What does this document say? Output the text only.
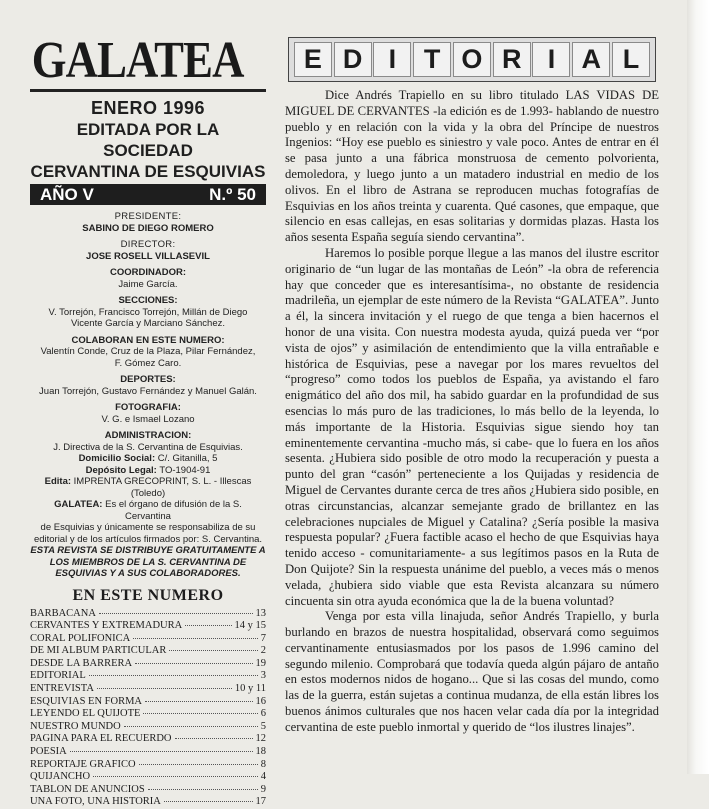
GALATEA
ENERO 1996
EDITADA POR LA SOCIEDAD
CERVANTINA DE ESQUIVIAS
AÑO V	N.º 50
PRESIDENTE:
SABINO DE DIEGO ROMERO
DIRECTOR:
JOSE ROSELL VILLASEVIL
COORDINADOR:
Jaime García.
SECCIONES:
V. Torrejón, Francisco Torrejón, Millán de Diego
Vicente García y Marciano Sánchez.
COLABORAN EN ESTE NUMERO:
Valentín Conde, Cruz de la Plaza, Pilar Fernández,
F. Gómez Caro.
DEPORTES:
Juan Torrejón, Gustavo Fernández y Manuel Galán.
FOTOGRAFIA:
V. G. e Ismael Lozano
ADMINISTRACION:
J. Directiva de la S. Cervantina de Esquivias.
Domicilio Social: C/. Gitanilla, 5
Depósito Legal: TO-1904-91
Edita: IMPRENTA GRECOPRINT, S. L. - Illescas (Toledo)
GALATEA: Es el órgano de difusión de la S. Cervantina
de Esquivias y únicamente se responsabiliza de su
editorial y de los artículos firmados por: S. Cervantina.
ESTA REVISTA SE DISTRIBUYE GRATUITAMENTE A
LOS MIEMBROS DE LA S. CERVANTINA DE
ESQUIVIAS Y A SUS COLABORADORES.
EN ESTE NUMERO
BARBACANA	13
CERVANTES Y EXTREMADURA	14 y 15
CORAL POLIFONICA	7
DE MI ALBUM PARTICULAR	2
DESDE LA BARRERA	19
EDITORIAL	3
ENTREVISTA	10 y 11
ESQUIVIAS EN FORMA	16
LEYENDO EL QUIJOTE	6
NUESTRO MUNDO	5
PAGINA PARA EL RECUERDO	12
POESIA	18
REPORTAJE GRAFICO	8
QUIJANCHO	4
TABLON DE ANUNCIOS	9
UNA FOTO, UNA HISTORIA	17
E D I	T O R I A L

Dice Andrés Trapiello en su libro titulado LAS VIDAS DE MIGUEL DE CERVANTES -la edición es de 1.993- hablando de nuestro pueblo y en relación con la vida y la obra del Príncipe de nuestros Ingenios: “Hoy ese pueblo es siniestro y vale poco. Antes de entrar en él se pasa junto a una fábrica monstruosa de cemento polvorienta, demoledora, y luego junto a un matadero industrial en medio de los olivos. En el libro de Astrana se reproducen muchas fotografías de Esquivias en los años treinta y cuarenta. Qué casones, que empaque, que silencio en esas callejas, en esas solitarias y dormidas plazas. Hasta los años sesenta España seguía siendo cervantina”.

Haremos lo posible porque llegue a las manos del ilustre escritor originario de “un lugar de las montañas de León” -la obra de referencia hay que conceder que es interesantísima-, no obstante de residencia madrileña, un ejemplar de este número de la Revista “GALATEA”. Junto a él, la sincera invitación y el ruego de que tenga a bien hacernos el honor de una visita. Con nuestra modesta ayuda, quizá pueda ver “por vista de ojos” y asimilación de entendimiento que la villa entrañable e histórica de Esquivias, pese a navegar por los mares revueltos del “progreso” como todos los pueblos de España, ya avistando el faro enigmático del año dos mil, ha sabido guardar en la profundidad de sus esencias lo más puro de las tradiciones, lo más bello de la leyenda, lo más importante de la Historia. Esquivias sigue siendo hoy tan eminentemente cervantina -mucho más, si cabe- que lo fuera en los años sesenta. ¿Hubiera sido posible de otro modo la recuperación y puesta a punto del gran “casón” perteneciente a los Quijadas y residencia de Miguel de Cervantes durante cerca de tres años ¿Hubiera sido posible, en otras circunstancias, alcanzar semejante grado de brillantez en las celebraciones nupciales de Miguel y Catalina? ¿Sería posible la masiva respuesta popular? ¿Fuera factible acaso el hecho de que Esquivias haya tenido acceso - comunitariamente- a sus legítimos pasos en la Ruta de Don Quijote? Sin la respuesta unánime del pueblo, a veces más o menos velada, ¿hubiera sido viable que esta Revista alcanzara su número cincuenta sin otra ayuda económica que la de la buena voluntad?

Venga por esta villa linajuda, señor Andrés Trapiello, y burla burlando en brazos de nuestra hospitalidad, observará como seguimos cervantinamente entusiasmados por los pasos de 1.996 camino del segundo milenio. Comprobará que todavía queda algún pájaro de antaño en estos modernos nidos de hogano... Que si las cosas del mundo, como las de la guerra, están sujetas a continua mudanza, de ella están libres los buenos ánimos culturales que nos hacen velar cada día por la integridad cervantina de este pueblo inmortal y querido de “los ilustres linajes”.
